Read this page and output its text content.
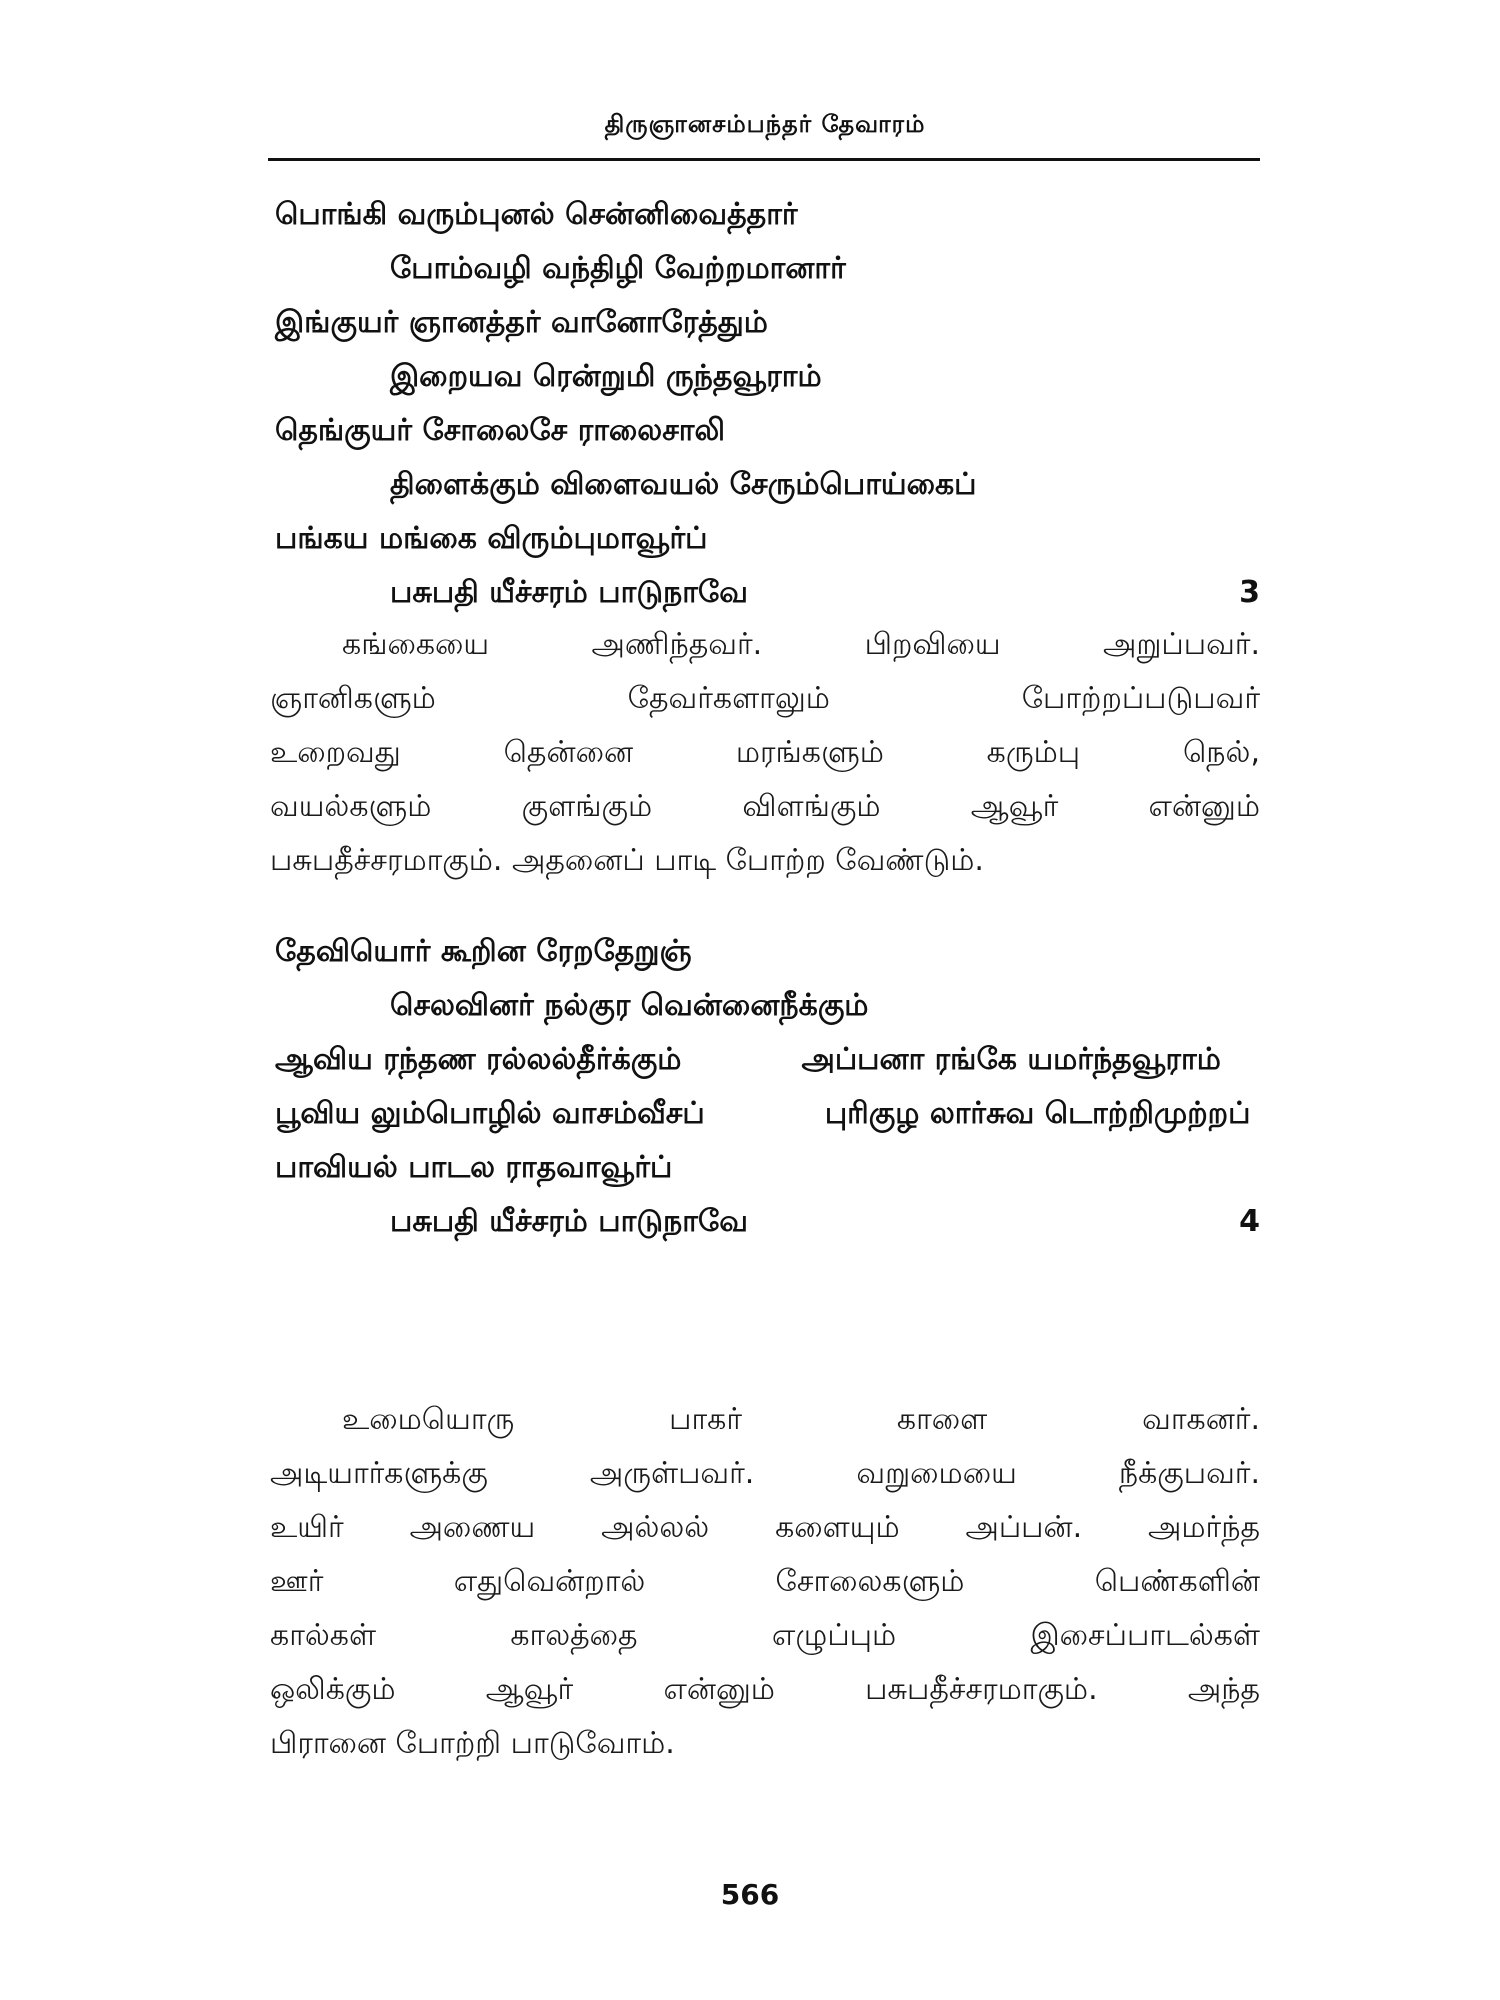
திருஞானசம்பந்தர் தேவாரம்
பொங்கி வரும்புனல் சென்னிவைத்தார் போம்வழி வந்திழி வேற்றமானார் இங்குயர் ஞானத்தர் வானோரேத்தும் இறையவ ரென்றுமி ருந்தவூராம் தெங்குயர் சோலைசே ராலைசாலி திளைக்கும் விளைவயல் சேரும்பொய்கைப் பங்கய மங்கை விரும்புமாவூர்ப்
பசுபதி யீச்சரம் பாடுநாவே	3
கங்கையை அணிந்தவர். பிறவியை அறுப்பவர்.
ஞானிகளும் தேவர்களாலும் போற்றப்படுபவர்
உறைவது தென்னை மரங்களும் கரும்பு நெல்,
வயல்களும் குளங்கும் விளங்கும் ஆவூர் என்னும்
பசுபதீச்சரமாகும். அதனைப் பாடி போற்ற வேண்டும்.
தேவியொர் கூறின ரேறதேறுஞ் செலவினர் நல்குர வென்னைநீக்கும் ஆவிய ரந்தண ரல்லல்தீர்க்கும்	அப்பனா ரங்கே யமர்ந்தவூராம் பூவிய லும்பொழில் வாசம்வீசப்	புரிகுழ லார்சுவ டொற்றிமுற்றப் பாவியல் பாடல ராதவாவூர்ப்
பசுபதி யீச்சரம் பாடுநாவே	4
உமையொரு பாகர் காளை வாகனர்.
அடியார்களுக்கு அருள்பவர். வறுமையை நீக்குபவர்.
உயிர் அணைய அல்லல் களையும் அப்பன். அமர்ந்த
ஊர் எதுவென்றால் சோலைகளும் பெண்களின்
கால்கள் காலத்தை எழுப்பும் இசைப்பாடல்கள்
ஒலிக்கும் ஆவூர் என்னும் பசுபதீச்சரமாகும். அந்த
பிரானை போற்றி பாடுவோம்.
566
